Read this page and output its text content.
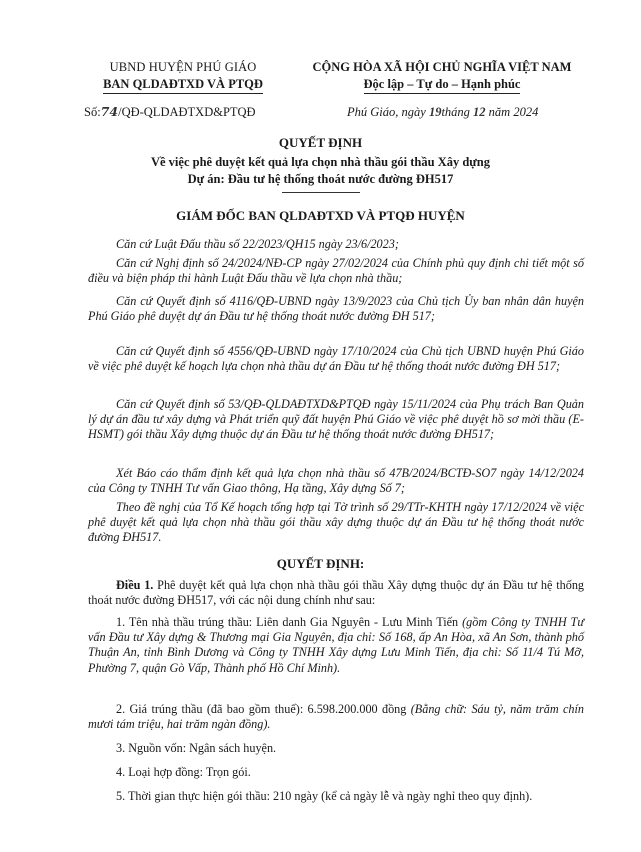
UBND HUYỆN PHÚ GIÁO
BAN QLDAĐTXD VÀ PTQĐ
CỘNG HÒA XÃ HỘI CHỦ NGHĨA VIỆT NAM
Độc lập – Tự do – Hạnh phúc
Số:74/QĐ-QLDAĐTXD&PTQĐ	Phú Giáo, ngày 19tháng 12 năm 2024
QUYẾT ĐỊNH
Về việc phê duyệt kết quả lựa chọn nhà thầu gói thầu Xây dựng
Dự án: Đầu tư hệ thống thoát nước đường ĐH517
GIÁM ĐỐC BAN QLDAĐTXD VÀ PTQĐ HUYỆN
Căn cứ Luật Đấu thầu số 22/2023/QH15 ngày 23/6/2023;
Căn cứ Nghị định số 24/2024/NĐ-CP ngày 27/02/2024 của Chính phủ quy định chi tiết một số điều và biện pháp thi hành Luật Đấu thầu về lựa chọn nhà thầu;
Căn cứ Quyết định số 4116/QĐ-UBND ngày 13/9/2023 của Chủ tịch Ủy ban nhân dân huyện Phú Giáo phê duyệt dự án Đầu tư hệ thống thoát nước đường ĐH 517;
Căn cứ Quyết định số 4556/QĐ-UBND ngày 17/10/2024 của Chủ tịch UBND huyện Phú Giáo về việc phê duyệt kế hoạch lựa chọn nhà thầu dự án Đầu tư hệ thống thoát nước đường ĐH 517;
Căn cứ Quyết định số 53/QĐ-QLDAĐTXD&PTQĐ ngày 15/11/2024 của Phụ trách Ban Quản lý dự án đầu tư xây dựng và Phát triển quỹ đất huyện Phú Giáo về việc phê duyệt hồ sơ mời thầu (E-HSMT) gói thầu Xây dựng thuộc dự án Đầu tư hệ thống thoát nước đường ĐH517;
Xét Báo cáo thẩm định kết quả lựa chọn nhà thầu số 47B/2024/BCTĐ-SO7 ngày 14/12/2024 của Công ty TNHH Tư vấn Giao thông, Hạ tầng, Xây dựng Số 7;
Theo đề nghị của Tổ Kế hoạch tổng hợp tại Tờ trình số 29/TTr-KHTH ngày 17/12/2024 về việc phê duyệt kết quả lựa chọn nhà thầu gói thầu xây dựng thuộc dự án Đầu tư hệ thống thoát nước đường ĐH517.
QUYẾT ĐỊNH:
Điều 1. Phê duyệt kết quả lựa chọn nhà thầu gói thầu Xây dựng thuộc dự án Đầu tư hệ thống thoát nước đường ĐH517, với các nội dung chính như sau:
1. Tên nhà thầu trúng thầu: Liên danh Gia Nguyên - Lưu Minh Tiến (gồm Công ty TNHH Tư vấn Đầu tư Xây dựng & Thương mại Gia Nguyên, địa chỉ: Số 168, ấp An Hòa, xã An Sơn, thành phố Thuận An, tỉnh Bình Dương và Công ty TNHH Xây dựng Lưu Minh Tiến, địa chỉ: Số 11/4 Tú Mỡ, Phường 7, quận Gò Vấp, Thành phố Hồ Chí Minh).
2. Giá trúng thầu (đã bao gồm thuế): 6.598.200.000 đồng (Bằng chữ: Sáu tỷ, năm trăm chín mươi tám triệu, hai trăm ngàn đồng).
3. Nguồn vốn: Ngân sách huyện.
4. Loại hợp đồng: Trọn gói.
5. Thời gian thực hiện gói thầu: 210 ngày (kể cả ngày lễ và ngày nghỉ theo quy định).
